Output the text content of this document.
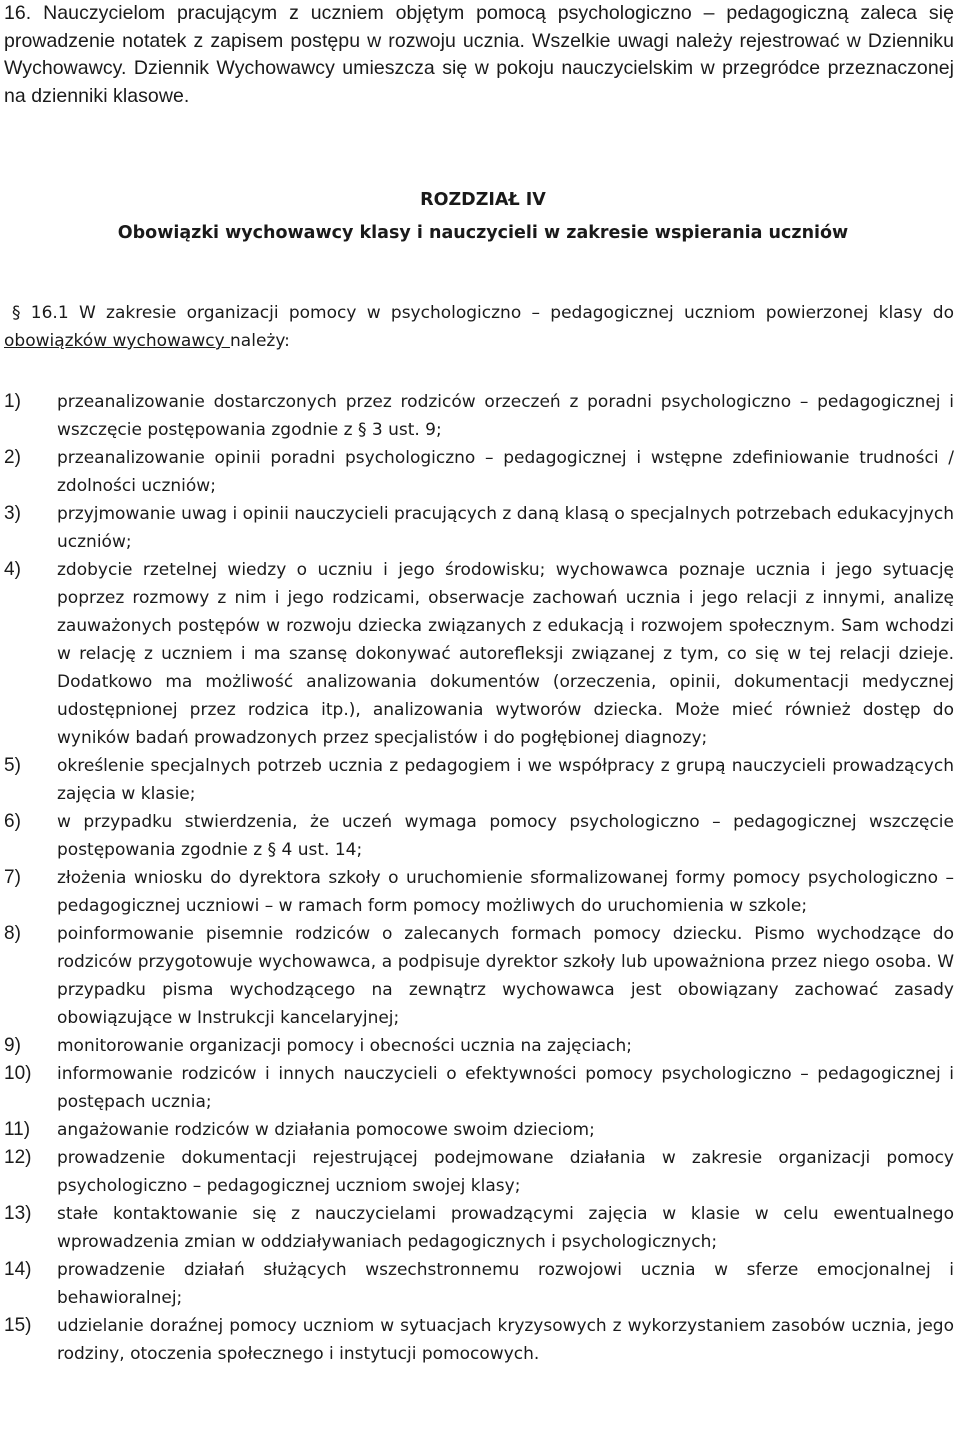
16. Nauczycielom pracującym z uczniem objętym pomocą psychologiczno – pedagogiczną zaleca się prowadzenie notatek z zapisem postępu w rozwoju ucznia. Wszelkie uwagi należy rejestrować w Dzienniku Wychowawcy. Dziennik Wychowawcy umieszcza się w pokoju nauczycielskim w przegródce przeznaczonej na dzienniki klasowe.

ROZDZIAŁ IV
Obowiązki wychowawcy klasy i nauczycieli w zakresie wspierania uczniów
§ 16.1 W zakresie organizacji pomocy w psychologiczno – pedagogicznej uczniom powierzonej klasy do obowiązków wychowawcy należy:
1)	przeanalizowanie dostarczonych przez rodziców orzeczeń z poradni psychologiczno – pedagogicznej i wszczęcie postępowania zgodnie z § 3 ust. 9;
2)	przeanalizowanie opinii poradni psychologiczno – pedagogicznej i wstępne zdefiniowanie trudności / zdolności uczniów;
3)	przyjmowanie uwag i opinii nauczycieli pracujących z daną klasą o specjalnych potrzebach edukacyjnych uczniów;
4)	zdobycie rzetelnej wiedzy o uczniu i jego środowisku; wychowawca poznaje ucznia i jego sytuację poprzez rozmowy z nim i jego rodzicami, obserwacje zachowań ucznia i jego relacji z innymi, analizę zauważonych postępów w rozwoju dziecka związanych z edukacją i rozwojem społecznym. Sam wchodzi w relację z uczniem i ma szansę dokonywać autorefleksji związanej z tym, co się w tej relacji dzieje. Dodatkowo ma możliwość analizowania dokumentów (orzeczenia, opinii, dokumentacji medycznej udostępnionej przez rodzica itp.), analizowania wytworów dziecka. Może mieć również dostęp do wyników badań prowadzonych przez specjalistów i do pogłębionej diagnozy;
5)	określenie specjalnych potrzeb ucznia z pedagogiem i we współpracy z grupą nauczycieli prowadzących zajęcia w klasie;
6)	w przypadku stwierdzenia, że uczeń wymaga pomocy psychologiczno – pedagogicznej wszczęcie postępowania zgodnie z § 4 ust. 14;
7)	złożenia wniosku do dyrektora szkoły o uruchomienie sformalizowanej formy pomocy psychologiczno – pedagogicznej uczniowi – w ramach form pomocy możliwych do uruchomienia w szkole;
8)	poinformowanie pisemnie rodziców o zalecanych formach pomocy dziecku. Pismo wychodzące do rodziców przygotowuje wychowawca, a podpisuje dyrektor szkoły lub upoważniona przez niego osoba. W przypadku pisma wychodzącego na zewnątrz wychowawca jest obowiązany zachować zasady obowiązujące w Instrukcji kancelaryjnej;
9)	monitorowanie organizacji pomocy i obecności ucznia na zajęciach;
10)	informowanie rodziców i innych nauczycieli o efektywności pomocy psychologiczno – pedagogicznej i postępach ucznia;
11)	angażowanie rodziców w działania pomocowe swoim dzieciom;
12)	prowadzenie dokumentacji rejestrującej podejmowane działania w zakresie organizacji pomocy psychologiczno – pedagogicznej uczniom swojej klasy;
13)	stałe kontaktowanie się z nauczycielami prowadzącymi zajęcia w klasie w celu ewentualnego wprowadzenia zmian w oddziaływaniach pedagogicznych i psychologicznych;
14)	prowadzenie działań służących wszechstronnemu rozwojowi ucznia w sferze emocjonalnej i behawioralnej;
15)	udzielanie doraźnej pomocy uczniom w sytuacjach kryzysowych z wykorzystaniem zasobów ucznia, jego rodziny, otoczenia społecznego i instytucji pomocowych.
